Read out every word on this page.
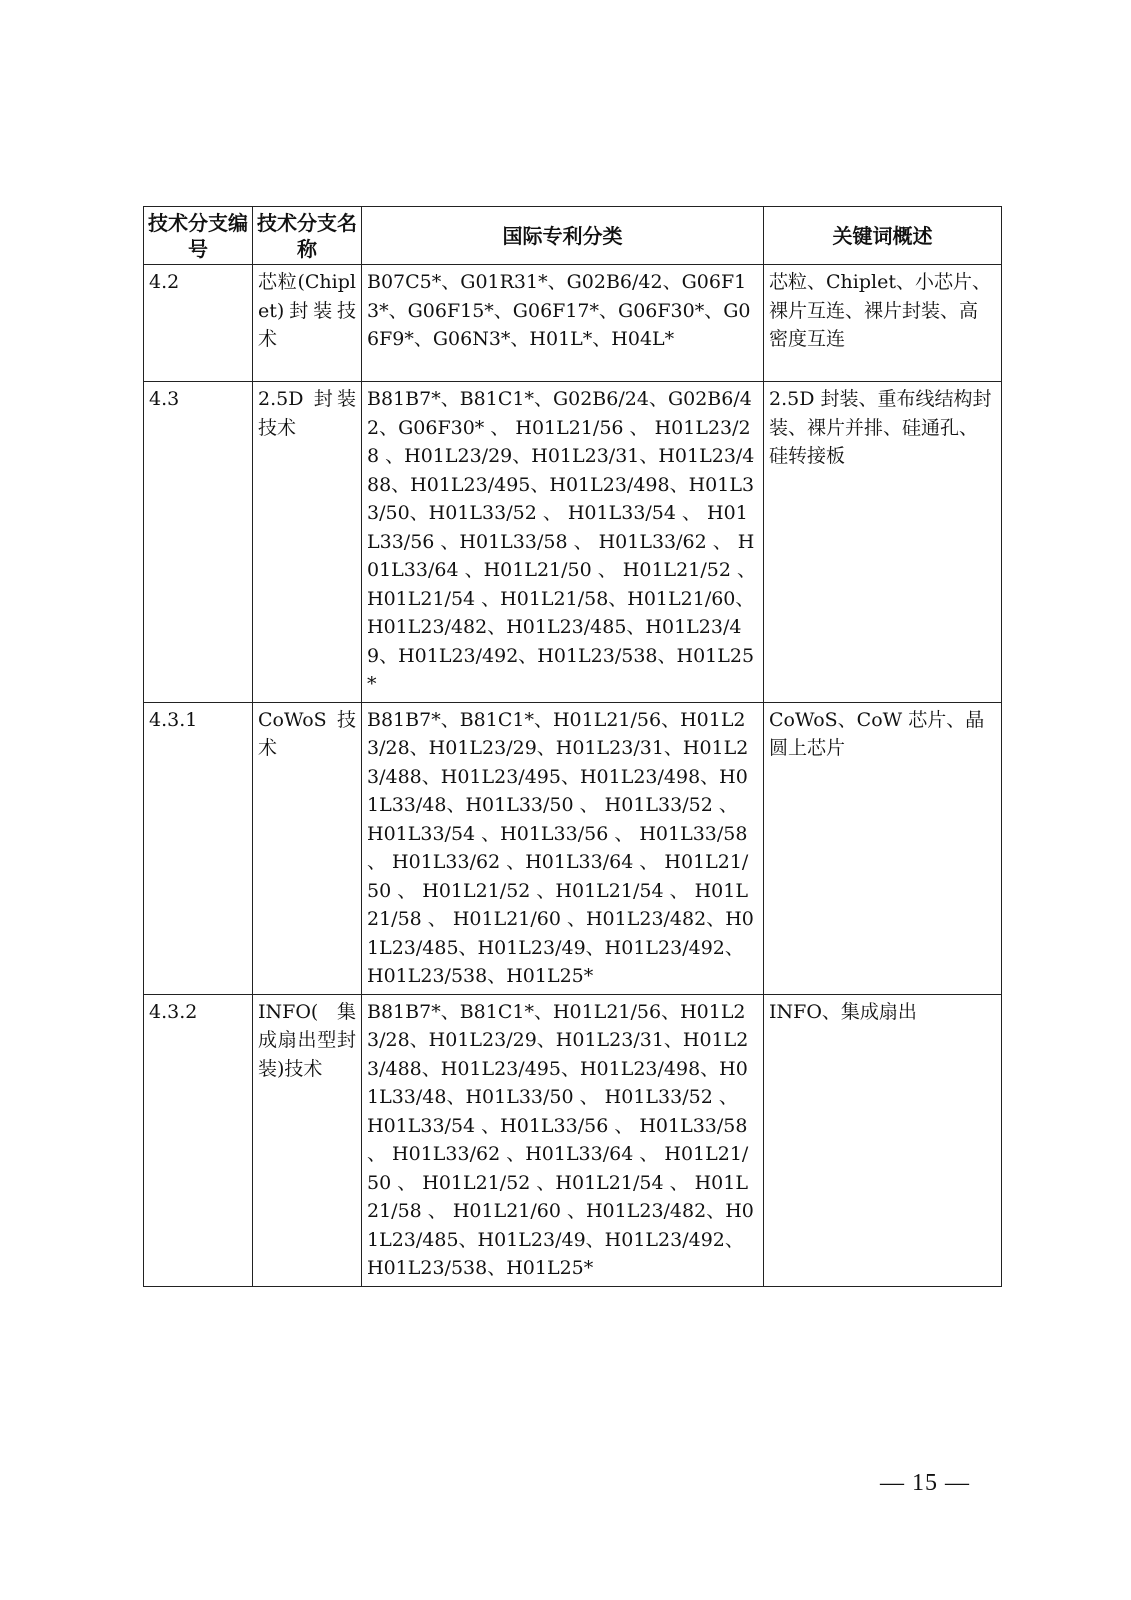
技术分支编号	技术分支名称	国际专利分类	关键词概述
4.2	芯粒(Chiplet)封装技术	B07C5*、G01R31*、G02B6/42、G06F13*、G06F15*、G06F17*、G06F30*、G06F9*、G06N3*、H01L*、H04L*	芯粒、Chiplet、小芯片、裸片互连、裸片封装、高密度互连
4.3	2.5D 封装技术	B81B7*、B81C1*、G02B6/24、G02B6/42、G06F30* 、 H01L21/56 、 H01L23/28 、H01L23/29、H01L23/31、H01L23/488、H01L23/495、H01L23/498、H01L33/50、H01L33/52 、 H01L33/54 、 H01L33/56 、H01L33/58 、 H01L33/62 、 H01L33/64 、H01L21/50 、 H01L21/52 、 H01L21/54 、H01L21/58、H01L21/60、H01L23/482、H01L23/485、H01L23/49、H01L23/492、H01L23/538、H01L25*	2.5D 封装、重布线结构封装、裸片并排、硅通孔、硅转接板
4.3.1	CoWoS 技术	B81B7*、B81C1*、H01L21/56、H01L23/28、H01L23/29、H01L23/31、H01L23/488、H01L23/495、H01L23/498、H01L33/48、H01L33/50 、 H01L33/52 、 H01L33/54 、H01L33/56 、 H01L33/58 、 H01L33/62 、H01L33/64 、 H01L21/50 、 H01L21/52 、H01L21/54 、 H01L21/58 、 H01L21/60 、H01L23/482、H01L23/485、H01L23/49、H01L23/492、H01L23/538、H01L25*	CoWoS、CoW 芯片、晶圆上芯片
4.3.2	INFO( 集成扇出型封装)技术	B81B7*、B81C1*、H01L21/56、H01L23/28、H01L23/29、H01L23/31、H01L23/488、H01L23/495、H01L23/498、H01L33/48、H01L33/50 、 H01L33/52 、 H01L33/54 、H01L33/56 、 H01L33/58 、 H01L33/62 、H01L33/64 、 H01L21/50 、 H01L21/52 、H01L21/54 、 H01L21/58 、 H01L21/60 、H01L23/482、H01L23/485、H01L23/49、H01L23/492、H01L23/538、H01L25*	INFO、集成扇出
— 15 —
